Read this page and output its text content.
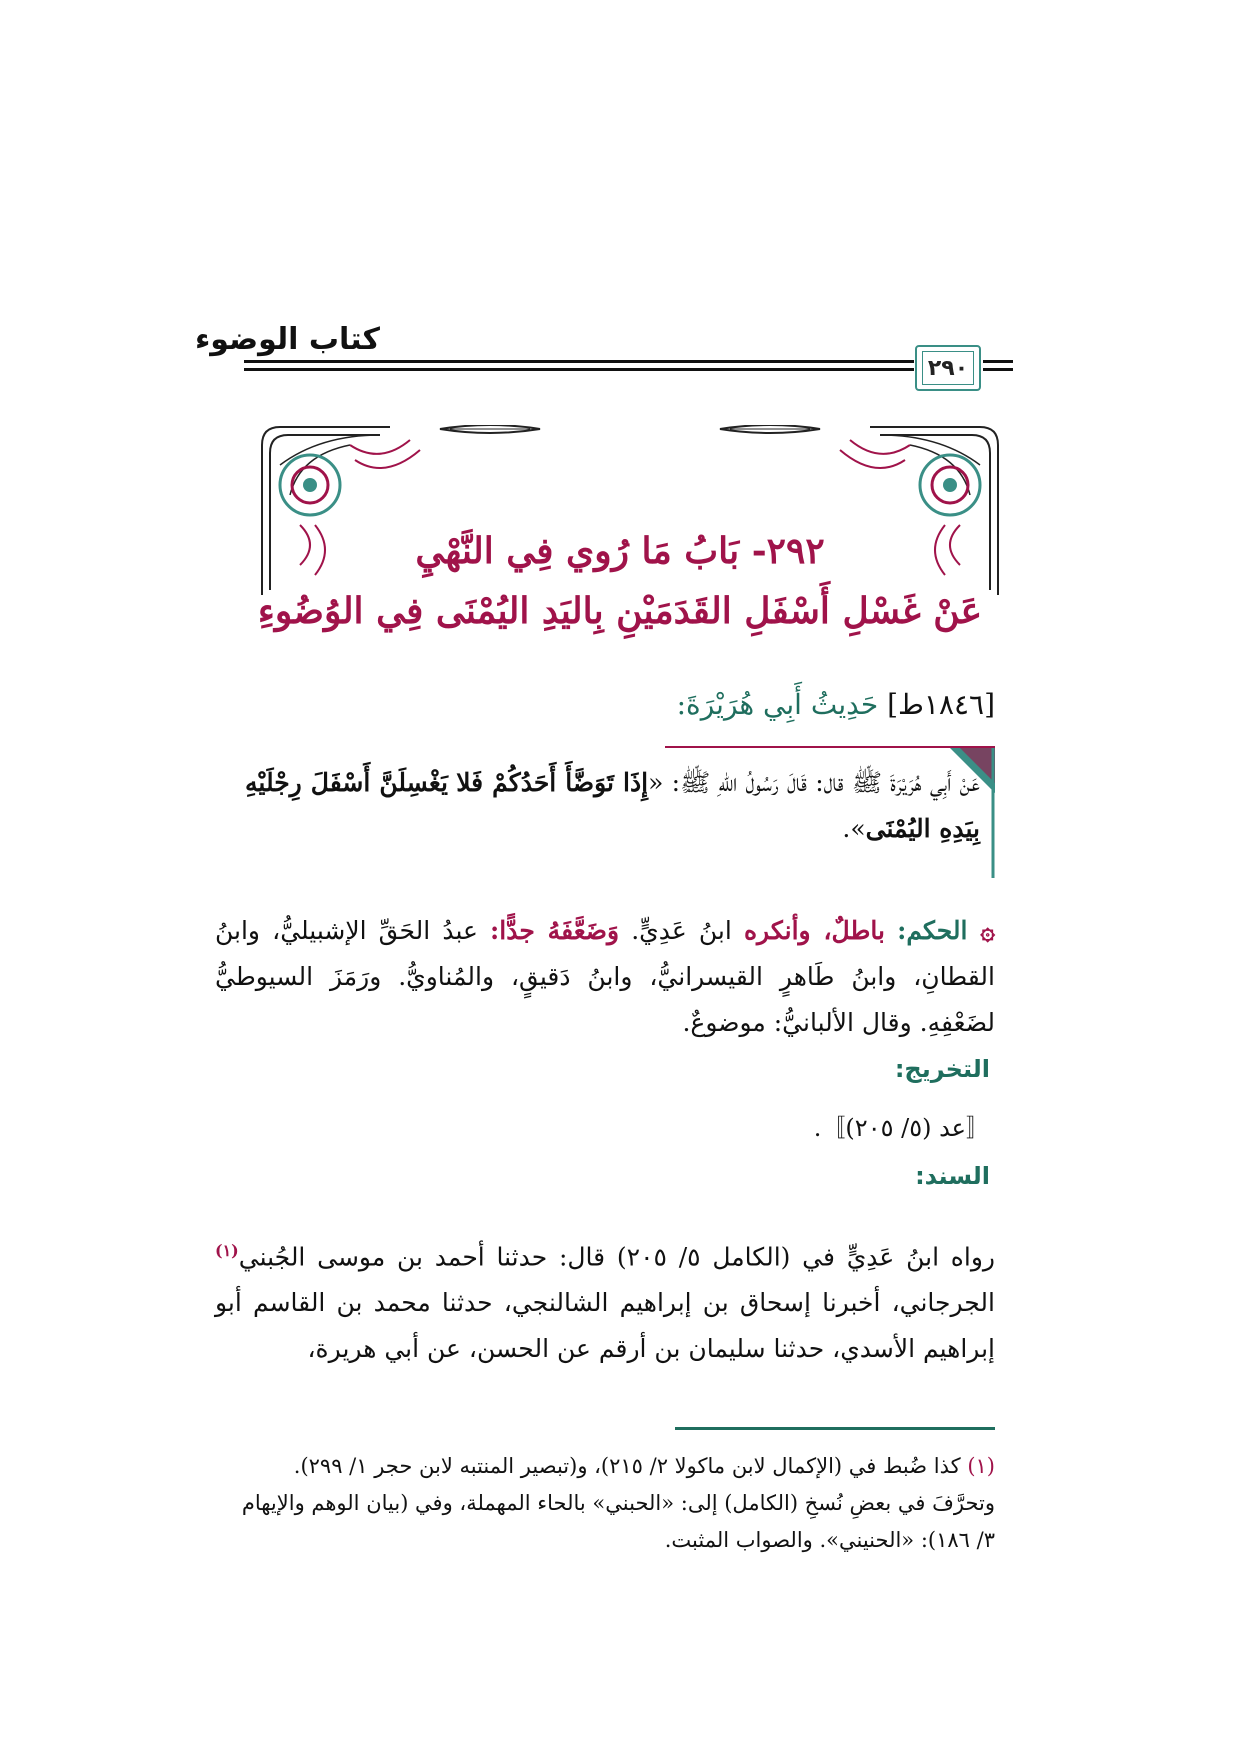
كتاب الوضوء
٢٩٠
٢٩٢- بَابُ مَا رُوي فِي النَّهْيِ
عَنْ غَسْلِ أَسْفَلِ القَدَمَيْنِ بِاليَدِ اليُمْنَى فِي الوُضُوءِ
[١٨٤٦ط] حَدِيثُ أَبِي هُرَيْرَةَ:
عَنْ أَبِي هُرَيْرَةَ ﷺ قال: قَالَ رَسُولُ اللهِ ﷺ: «إِذَا تَوَضَّأَ أَحَدُكُمْ فَلا يَغْسِلَنَّ أَسْفَلَ رِجْلَيْهِ بِيَدِهِ اليُمْنَى».
۞ الحكم: باطلٌ، وأنكره ابنُ عَدِيٍّ. وَضَعَّفَهُ جدًّا: عبدُ الحَقِّ الإشبيليُّ، وابنُ القطانِ، وابنُ طَاهرٍ القيسرانيُّ، وابنُ دَقيقٍ، والمُناويُّ. ورَمَزَ السيوطيُّ لضَعْفِهِ. وقال الألبانيُّ: موضوعٌ.
التخريج:
〚عد (٥/ ٢٠٥)〛.
السند:
رواه ابنُ عَدِيٍّ في (الكامل ٥/ ٢٠٥) قال: حدثنا أحمد بن موسى الجُبني$^{(١)}$ الجرجاني، أخبرنا إسحاق بن إبراهيم الشالنجي، حدثنا محمد بن القاسم أبو إبراهيم الأسدي، حدثنا سليمان بن أرقم عن الحسن، عن أبي هريرة،
(١) كذا ضُبط في (الإكمال لابن ماكولا ٢/ ٢١٥)، و(تبصير المنتبه لابن حجر ١/ ٢٩٩). وتحرَّفَ في بعضِ نُسخِ (الكامل) إلى: «الحبني» بالحاء المهملة، وفي (بيان الوهم والإيهام ٣/ ١٨٦): «الحنيني». والصواب المثبت.
